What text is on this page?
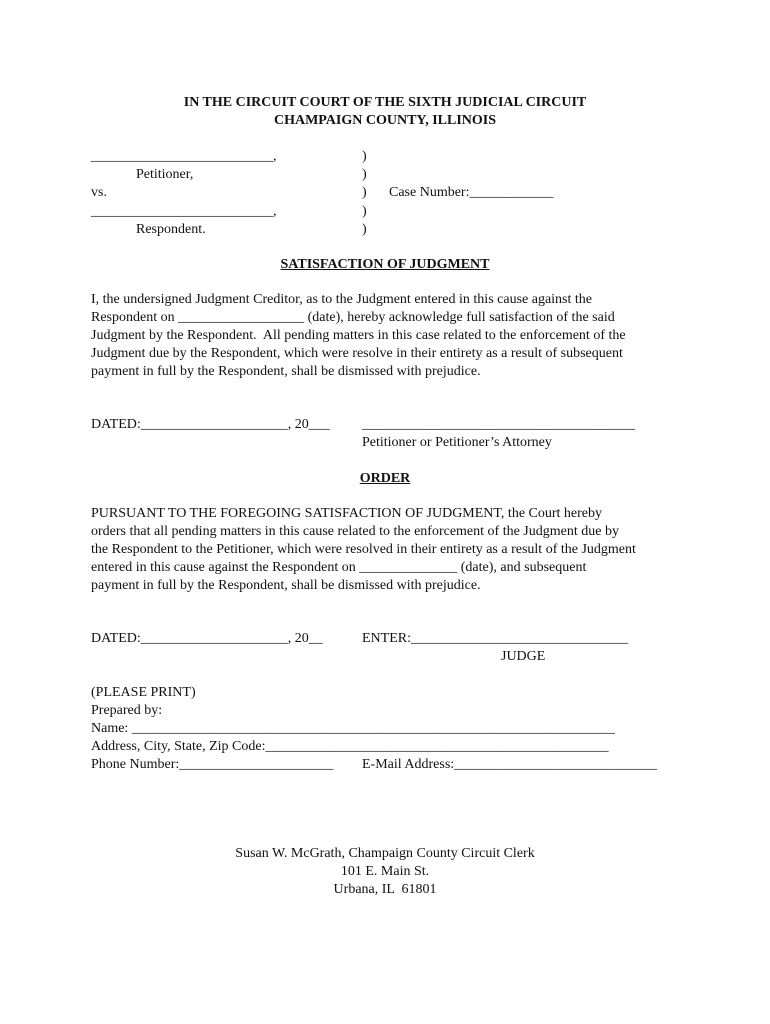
IN THE CIRCUIT COURT OF THE SIXTH JUDICIAL CIRCUIT
CHAMPAIGN COUNTY, ILLINOIS
__________________________,
Petitioner,
vs.
__________________________,
Respondent.
)
)
)
)
)
Case Number:____________
SATISFACTION OF JUDGMENT
I, the undersigned Judgment Creditor, as to the Judgment entered in this cause against the
Respondent on __________________ (date), hereby acknowledge full satisfaction of the said
Judgment by the Respondent.  All pending matters in this case related to the enforcement of the
Judgment due by the Respondent, which were resolve in their entirety as a result of subsequent
payment in full by the Respondent, shall be dismissed with prejudice.
DATED:_____________________, 20___ _______________________________________
Petitioner or Petitioner’s Attorney
ORDER
PURSUANT TO THE FOREGOING SATISFACTION OF JUDGMENT, the Court hereby
orders that all pending matters in this cause related to the enforcement of the Judgment due by
the Respondent to the Petitioner, which were resolved in their entirety as a result of the Judgment
entered in this cause against the Respondent on ______________ (date), and subsequent
payment in full by the Respondent, shall be dismissed with prejudice.
DATED:_____________________, 20__	ENTER:_______________________________
JUDGE
(PLEASE PRINT)
Prepared by:
Name: _____________________________________________________________________
Address, City, State, Zip Code:_________________________________________________
Phone Number:______________________ E-Mail Address:_____________________________
Susan W. McGrath, Champaign County Circuit Clerk
101 E. Main St.
Urbana, IL  61801
